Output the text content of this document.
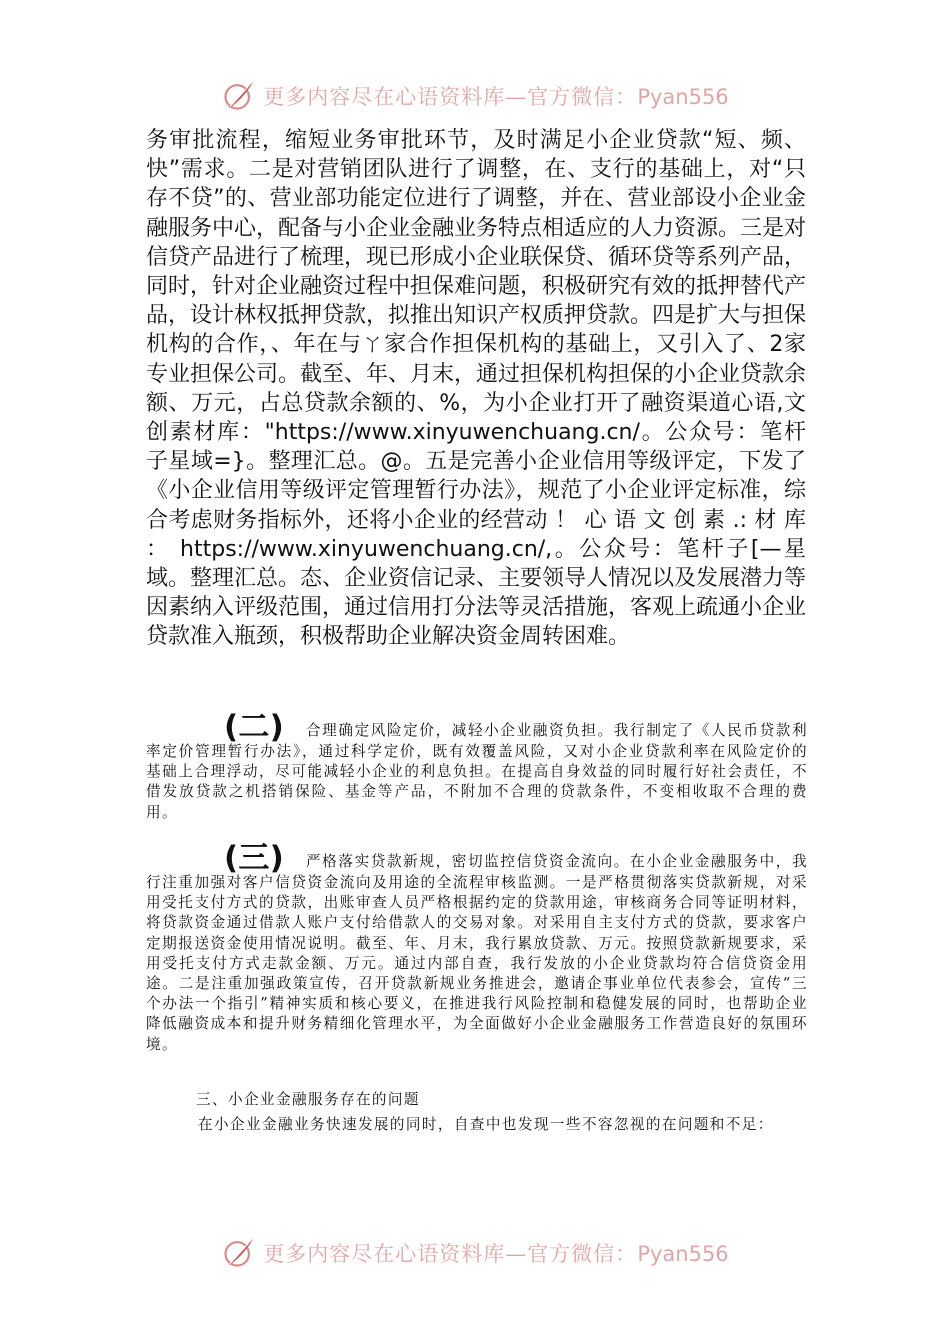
更多内容尽在心语资料库—官方微信：Pyan556

务审批流程，缩短业务审批环节，及时满足小企业贷款“短、频、快”需求。二是对营销团队进行了调整，在、支行的基础上，对“只存不贷”的、营业部功能定位进行了调整，并在、营业部设小企业金融服务中心，配备与小企业金融业务特点相适应的人力资源。三是对信贷产品进行了梳理，现已形成小企业联保贷、循环贷等系列产品，同时，针对企业融资过程中担保难问题，积极研究有效的抵押替代产品，设计林权抵押贷款，拟推出知识产权质押贷款。四是扩大与担保机构的合作，、年在与ㄚ家合作担保机构的基础上，又引入了、2家专业担保公司。截至、年、月末，通过担保机构担保的小企业贷款余额、万元，占总贷款余额的、%，为小企业打开了融资渠道心语,文创素材库："https://www.xinyuwenchuang.cn/。公众号：笔杆子星域=}。整理汇总。@。五是完善小企业信用等级评定，下发了《小企业信用等级评定管理暂行办法》，规范了小企业评定标准，综合考虑财务指标外，还将小企业的经营动 ！ 心 语 文 创 素 .: 材 库 ： https://www.xinyuwenchuang.cn/,。公众号：笔杆子[—星域。整理汇总。态、企业资信记录、主要领导人情况以及发展潜力等因素纳入评级范围，通过信用打分法等灵活措施，客观上疏通小企业贷款准入瓶颈，积极帮助企业解决资金周转困难。

(二) 合理确定风险定价，减轻小企业融资负担。我行制定了《人民币贷款利率定价管理暂行办法》，通过科学定价，既有效覆盖风险，又对小企业贷款利率在风险定价的基础上合理浮动，尽可能减轻小企业的利息负担。在提高自身效益的同时履行好社会责任，不借发放贷款之机搭销保险、基金等产品，不附加不合理的贷款条件，不变相收取不合理的费用。

(三) 严格落实贷款新规，密切监控信贷资金流向。在小企业金融服务中，我行注重加强对客户信贷资金流向及用途的全流程审核监测。一是严格贯彻落实贷款新规，对采用受托支付方式的贷款，出账审查人员严格根据约定的贷款用途，审核商务合同等证明材料，将贷款资金通过借款人账户支付给借款人的交易对象。对采用自主支付方式的贷款，要求客户定期报送资金使用情况说明。截至、年、月末，我行累放贷款、万元。按照贷款新规要求，采用受托支付方式走款金额、万元。通过内部自查，我行发放的小企业贷款均符合信贷资金用途。二是注重加强政策宣传，召开贷款新规业务推进会，邀请企事业单位代表参会，宣传“三个办法一个指引”精神实质和核心要义，在推进我行风险控制和稳健发展的同时，也帮助企业降低融资成本和提升财务精细化管理水平，为全面做好小企业金融服务工作营造良好的氛围环境。

三、小企业金融服务存在的问题

在小企业金融业务快速发展的同时，自查中也发现一些不容忽视的在问题和不足：

更多内容尽在心语资料库—官方微信：Pyan556
